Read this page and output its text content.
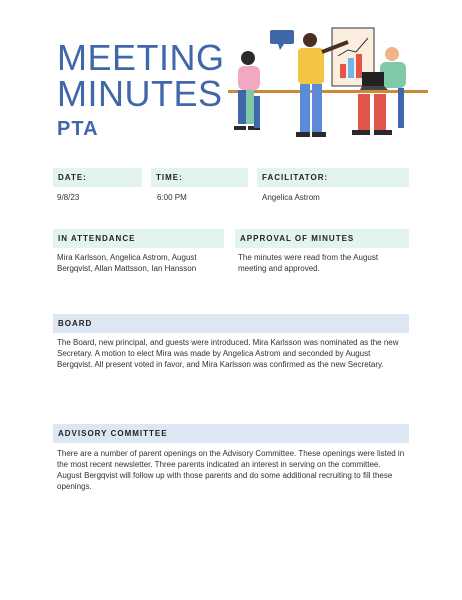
MEETING
MINUTES
PTA
DATE:
9/8/23
TIME:
6:00 PM
FACILITATOR:
Angelica Astrom
IN ATTENDANCE
Mira Karlsson, Angelica Astrom, August Bergqvist, Allan Mattsson, Ian Hansson
APPROVAL OF MINUTES
The minutes were read from the August meeting and approved.
BOARD
The Board, new principal, and guests were introduced. Mira Karlsson was nominated as the new Secretary. A motion to elect Mira was made by Angelica Astrom and seconded by August Bergqvist. All present voted in favor, and Mira Karlsson was confirmed as the new Secretary.
ADVISORY COMMITTEE
There are a number of parent openings on the Advisory Committee. These openings were listed in the most recent newsletter. Three parents indicated an interest in serving on the committee. August Bergqvist will follow up with those parents and do some additional recruiting to fill these openings.
